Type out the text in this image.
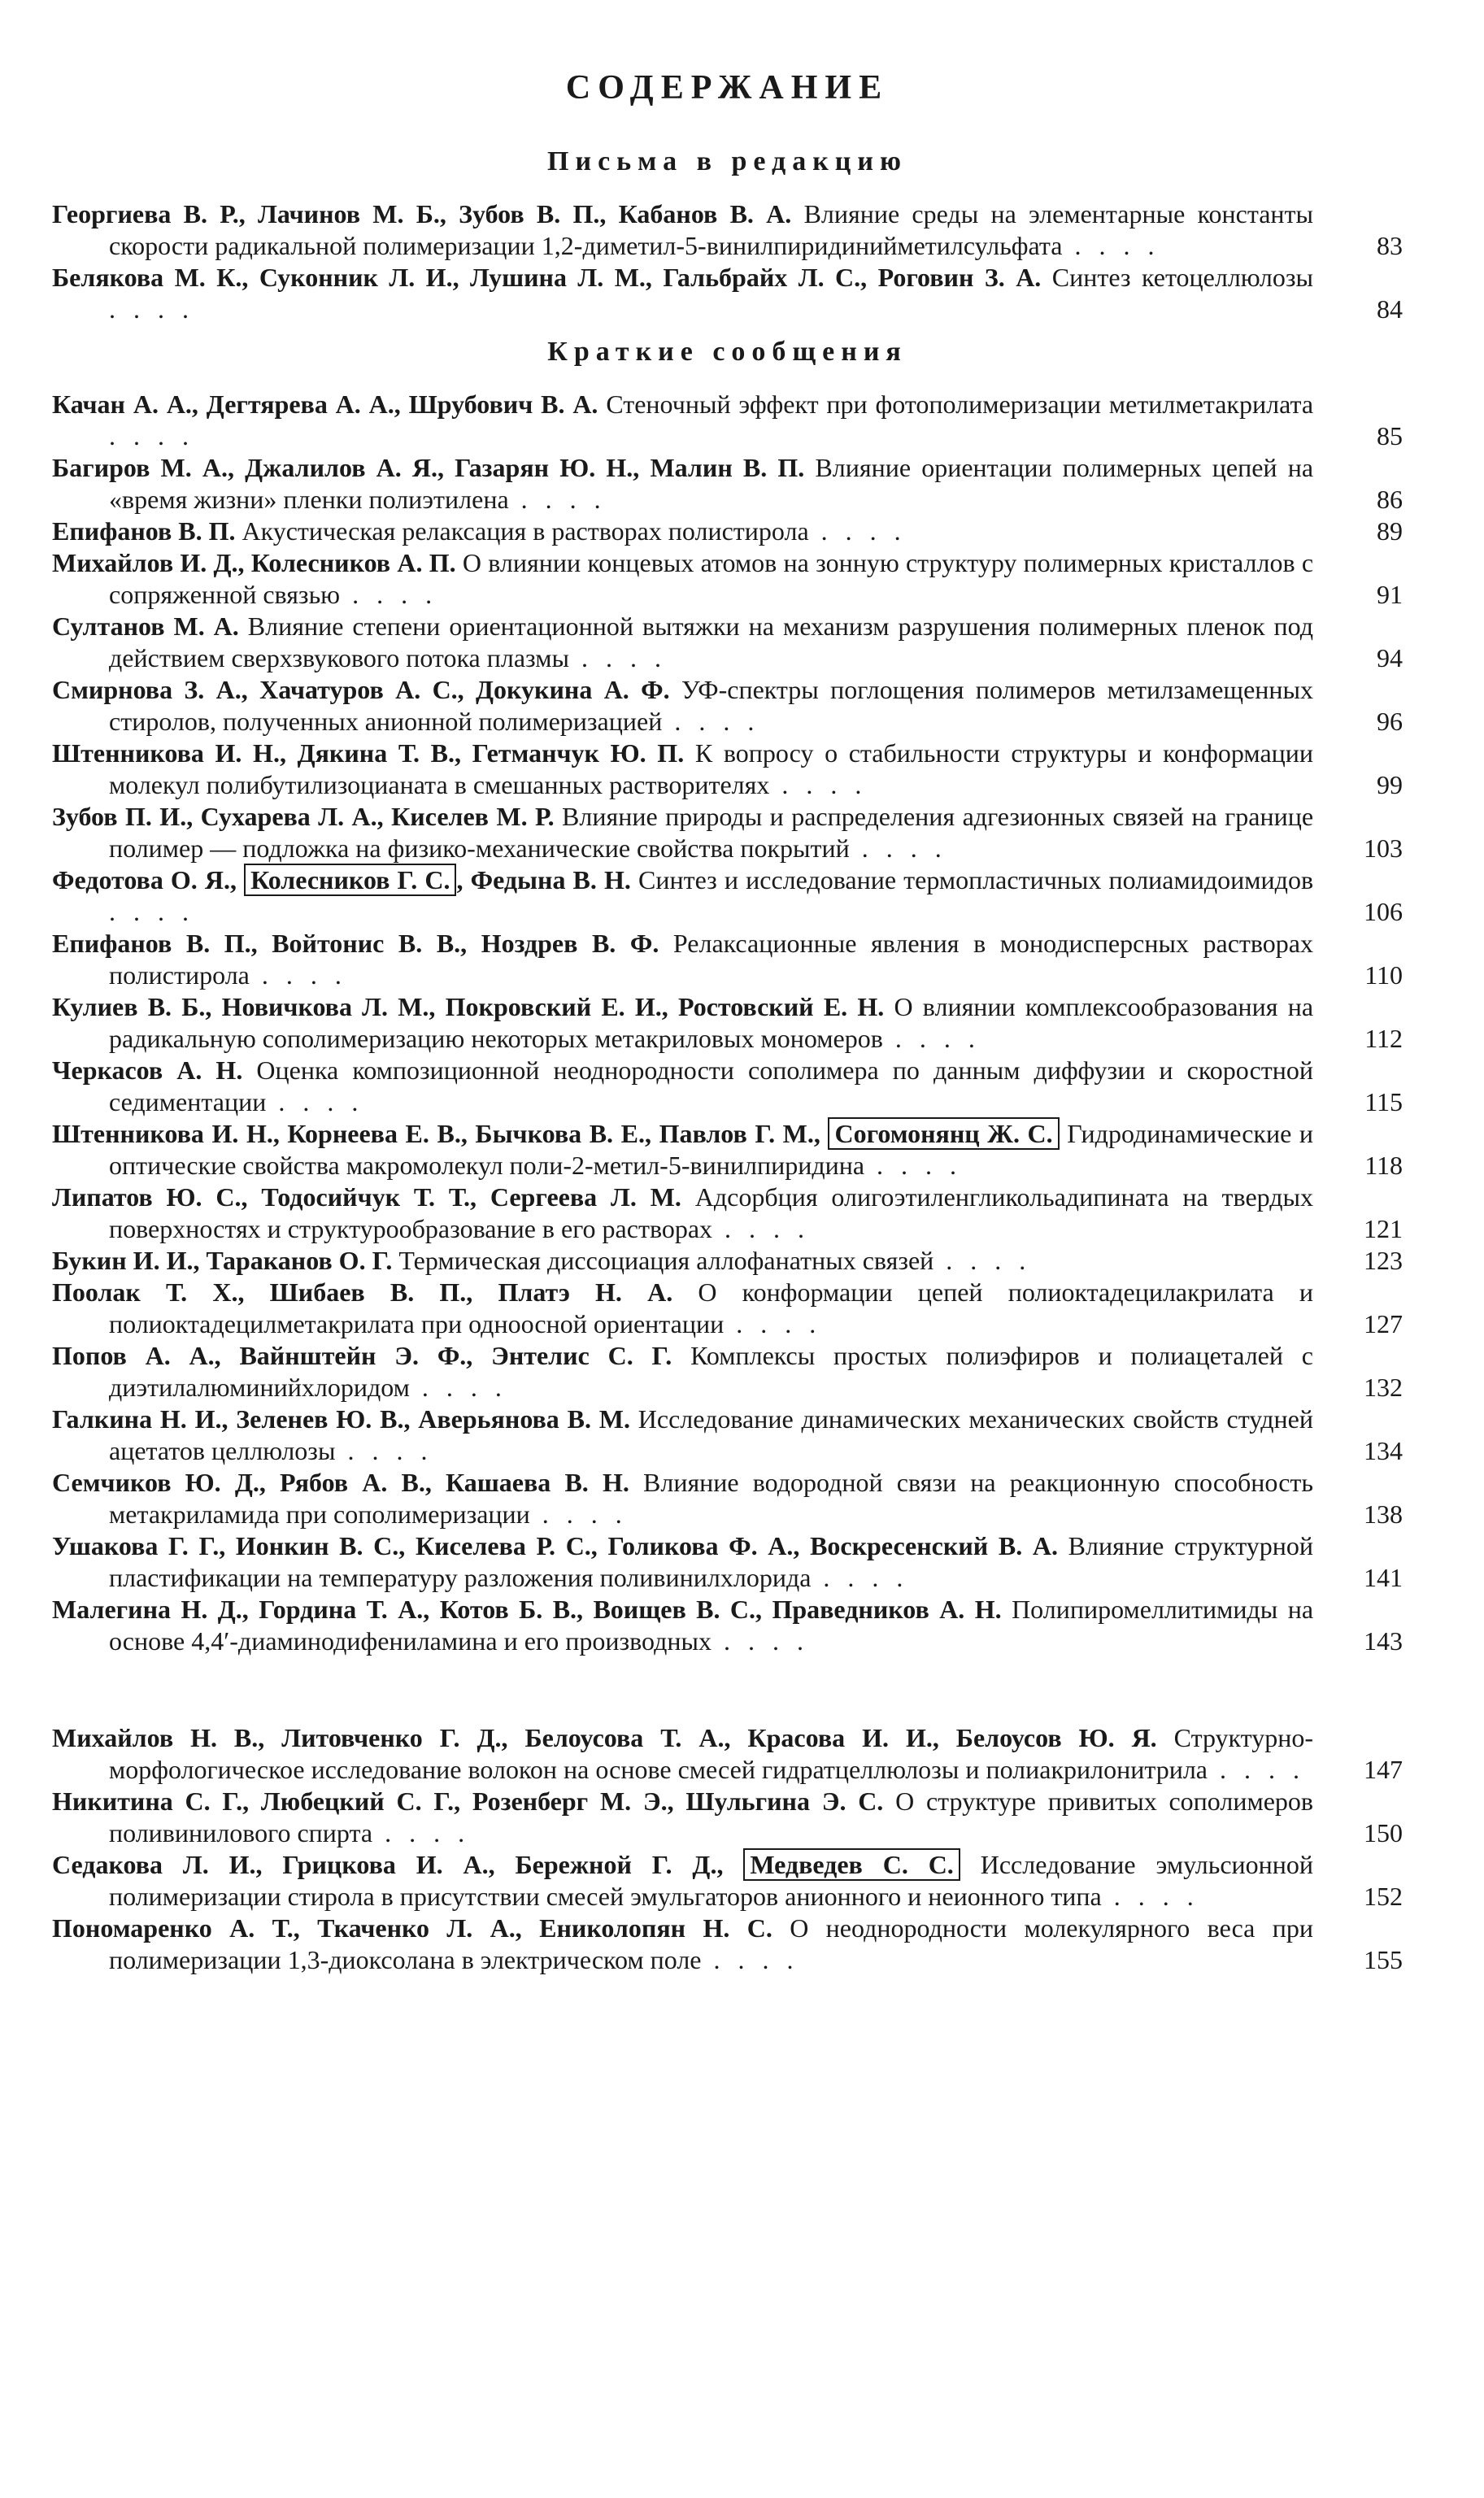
СОДЕРЖАНИЕ
Письма в редакцию
Георгиева В. Р., Лачинов М. Б., Зубов В. П., Кабанов В. А. Влияние среды на элементарные константы скорости радикальной полимеризации 1,2-диметил-5-винилпиридинийметилсульфата . . . .	83
Белякова М. К., Суконник Л. И., Лушина Л. М., Гальбрайх Л. С., Роговин З. А. Синтез кетоцеллюлозы . . . .	84
Краткие сообщения
Качан А. А., Дегтярева А. А., Шрубович В. А. Стеночный эффект при фотополимеризации метилметакрилата . . . .	85
Багиров М. А., Джалилов А. Я., Газарян Ю. Н., Малин В. П. Влияние ориентации полимерных цепей на «время жизни» пленки полиэтилена . . . .	86
Епифанов В. П. Акустическая релаксация в растворах полистирола . . . .	89
Михайлов И. Д., Колесников А. П. О влиянии концевых атомов на зонную структуру полимерных кристаллов с сопряженной связью . . . .	91
Султанов М. А. Влияние степени ориентационной вытяжки на механизм разрушения полимерных пленок под действием сверхзвукового потока плазмы . . . .	94
Смирнова З. А., Хачатуров А. С., Докукина А. Ф. УФ-спектры поглощения полимеров метилзамещенных стиролов, полученных анионной полимеризацией . . . .	96
Штенникова И. Н., Дякина Т. В., Гетманчук Ю. П. К вопросу о стабильности структуры и конформации молекул полибутилизоцианата в смешанных растворителях . . . .	99
Зубов П. И., Сухарева Л. А., Киселев М. Р. Влияние природы и распределения адгезионных связей на границе полимер — подложка на физико-механические свойства покрытий . . . .	103
Федотова О. Я., Колесников Г. С. , Федына В. Н. Синтез и исследование термопластичных полиамидоимидов . . . .	106
Епифанов В. П., Войтонис В. В., Ноздрев В. Ф. Релаксационные явления в монодисперсных растворах полистирола . . . .	110
Кулиев В. Б., Новичкова Л. М., Покровский Е. И., Ростовский Е. Н. О влиянии комплексообразования на радикальную сополимеризацию некоторых метакриловых мономеров . . . .	112
Черкасов А. Н. Оценка композиционной неоднородности сополимера по данным диффузии и скоростной седиментации . . . .	115
Штенникова И. Н., Корнеева Е. В., Бычкова В. Е., Павлов Г. М., Согомонянц Ж. С. Гидродинамические и оптические свойства макромолекул поли-2-метил-5-винилпиридина . . . .	118
Липатов Ю. С., Тодосийчук Т. Т., Сергеева Л. М. Адсорбция олигоэтиленгликольадипината на твердых поверхностях и структурообразование в его растворах . . . .	121
Букин И. И., Тараканов О. Г. Термическая диссоциация аллофанатных связей . . . .	123
Поолак Т. Х., Шибаев В. П., Платэ Н. А. О конформации цепей полиоктадецилакрилата и полиоктадецилметакрилата при одноосной ориентации . . . .	127
Попов А. А., Вайнштейн Э. Ф., Энтелис С. Г. Комплексы простых полиэфиров и полиацеталей с диэтилалюминийхлоридом . . . .	132
Галкина Н. И., Зеленев Ю. В., Аверьянова В. М. Исследование динамических механических свойств студней ацетатов целлюлозы . . . .	134
Семчиков Ю. Д., Рябов А. В., Кашаева В. Н. Влияние водородной связи на реакционную способность метакриламида при сополимеризации . . . .	138
Ушакова Г. Г., Ионкин В. С., Киселева Р. С., Голикова Ф. А., Воскресенский В. А. Влияние структурной пластификации на температуру разложения поливинилхлорида . . . .	141
Малегина Н. Д., Гордина Т. А., Котов Б. В., Воищев В. С., Праведников А. Н. Полипиромеллитимиды на основе 4,4′-диаминодифениламина и его производных . . . .	143
Михайлов Н. В., Литовченко Г. Д., Белоусова Т. А., Красова И. И., Белоусов Ю. Я. Структурно-морфологическое исследование волокон на основе смесей гидратцеллюлозы и полиакрилонитрила . . . .	147
Никитина С. Г., Любецкий С. Г., Розенберг М. Э., Шульгина Э. С. О структуре привитых сополимеров поливинилового спирта . . . .	150
Седакова Л. И., Грицкова И. А., Бережной Г. Д., Медведев С. С. Исследование эмульсионной полимеризации стирола в присутствии смесей эмульгаторов анионного и неионного типа . . . .	152
Пономаренко А. Т., Ткаченко Л. А., Ениколопян Н. С. О неоднородности молекулярного веса при полимеризации 1,3-диоксолана в электрическом поле . . . .	155
